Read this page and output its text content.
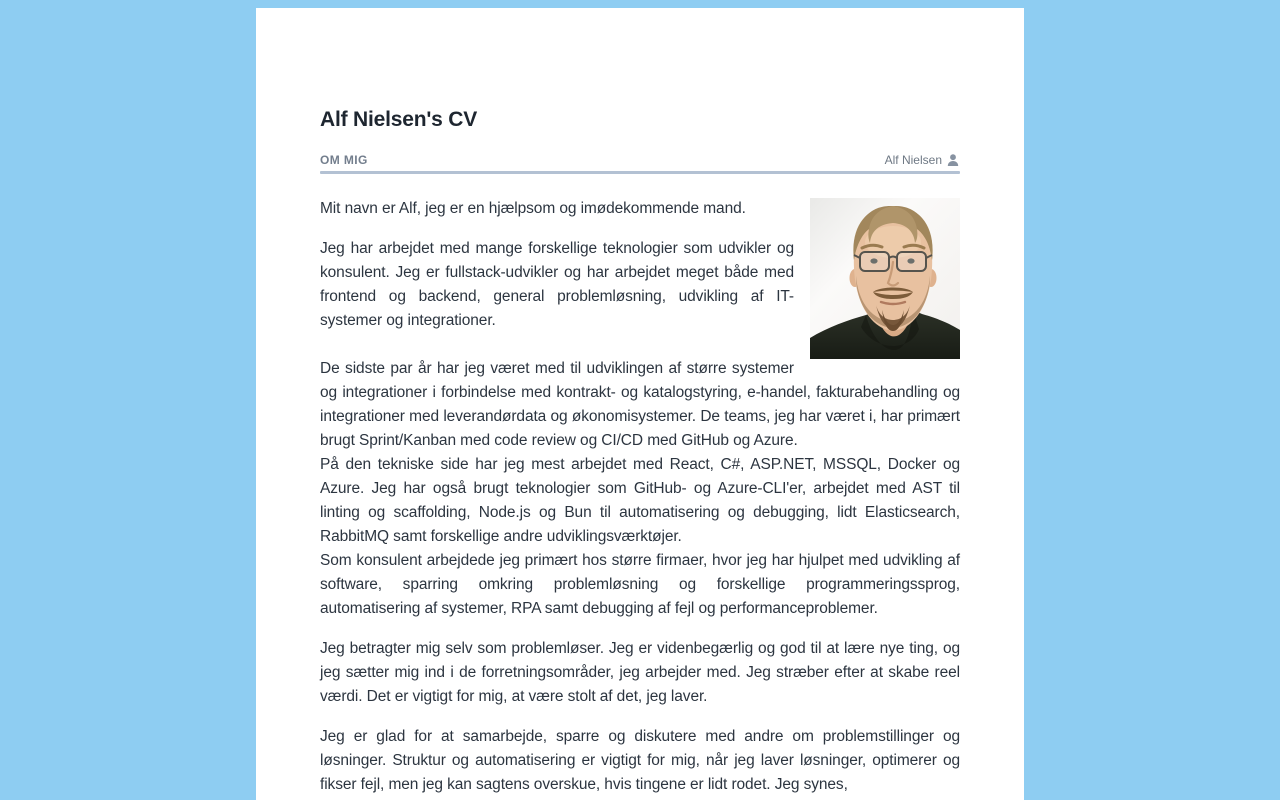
Alf Nielsen's CV
OM MIG	Alf Nielsen

Mit navn er Alf, jeg er en hjælpsom og imødekommende mand.

Jeg har arbejdet med mange forskellige teknologier som udvikler og konsulent. Jeg er fullstack-udvikler og har arbejdet meget både med frontend og backend, general problemløsning, udvikling af IT-systemer og integrationer.

De sidste par år har jeg været med til udviklingen af større systemer og integrationer i forbindelse med kontrakt- og katalogstyring, e-handel, fakturabehandling og integrationer med leverandørdata og økonomisystemer. De teams, jeg har været i, har primært brugt Sprint/Kanban med code review og CI/CD med GitHub og Azure.

På den tekniske side har jeg mest arbejdet med React, C#, ASP.NET, MSSQL, Docker og Azure. Jeg har også brugt teknologier som GitHub- og Azure-CLI'er, arbejdet med AST til linting og scaffolding, Node.js og Bun til automatisering og debugging, lidt Elasticsearch, RabbitMQ samt forskellige andre udviklingsværktøjer.

Som konsulent arbejdede jeg primært hos større firmaer, hvor jeg har hjulpet med udvikling af software, sparring omkring problemløsning og forskellige programmeringssprog, automatisering af systemer, RPA samt debugging af fejl og performanceproblemer.

Jeg betragter mig selv som problemløser. Jeg er videnbegærlig og god til at lære nye ting, og jeg sætter mig ind i de forretningsområder, jeg arbejder med. Jeg stræber efter at skabe reel værdi. Det er vigtigt for mig, at være stolt af det, jeg laver.

Jeg er glad for at samarbejde, sparre og diskutere med andre om problemstillinger og løsninger. Struktur og automatisering er vigtigt for mig, når jeg laver løsninger, optimerer og fikser fejl, men jeg kan sagtens overskue, hvis tingene er lidt rodet. Jeg synes,
